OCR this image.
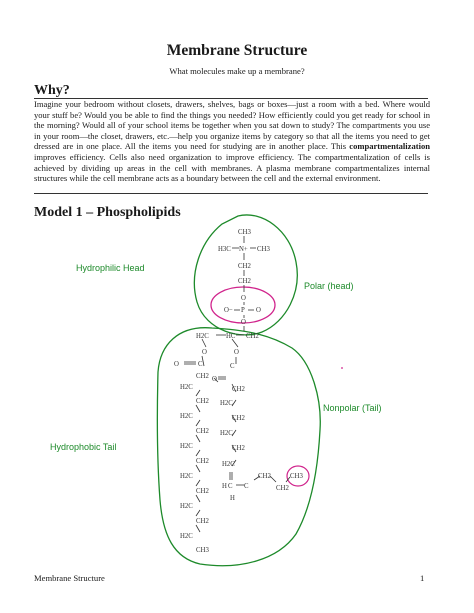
Membrane Structure
What molecules make up a membrane?
Why?
Imagine your bedroom without closets, drawers, shelves, bags or boxes—just a room with a bed. Where would your stuff be? Would you be able to find the things you needed? How efficiently could you get ready for school in the morning? Would all of your school items be together when you sat down to study? The compartments you use in your room—the closet, drawers, etc.—help you organize items by category so that all the items you need to get dressed are in one place. All the items you need for studying are in another place. This compartmentalization improves efficiency. Cells also need organization to improve efficiency. The compartmentalization of cells is achieved by dividing up areas in the cell with membranes. A plasma membrane compartmentalizes internal structures while the cell membrane acts as a boundary between the cell and the external environment.
Model 1 – Phospholipids
CH3
H3C N+ CH3
CH2
CH2
O
O− P O
O
H2C	HC CH2
O	O
O	C	C
CH2 O
H2C	CH2
CH2 H2C
H2C	CH2
CH2 H2C
H2C	CH2
CH2 H2C
H2C
H C C
CH2
CH2
CH3
CH2
H
H2C
CH2
H2C
CH3
Hydrophilic Head
Polar (head)
Nonpolar (Tail)
Hydrophobic Tail
Membrane Structure	1
